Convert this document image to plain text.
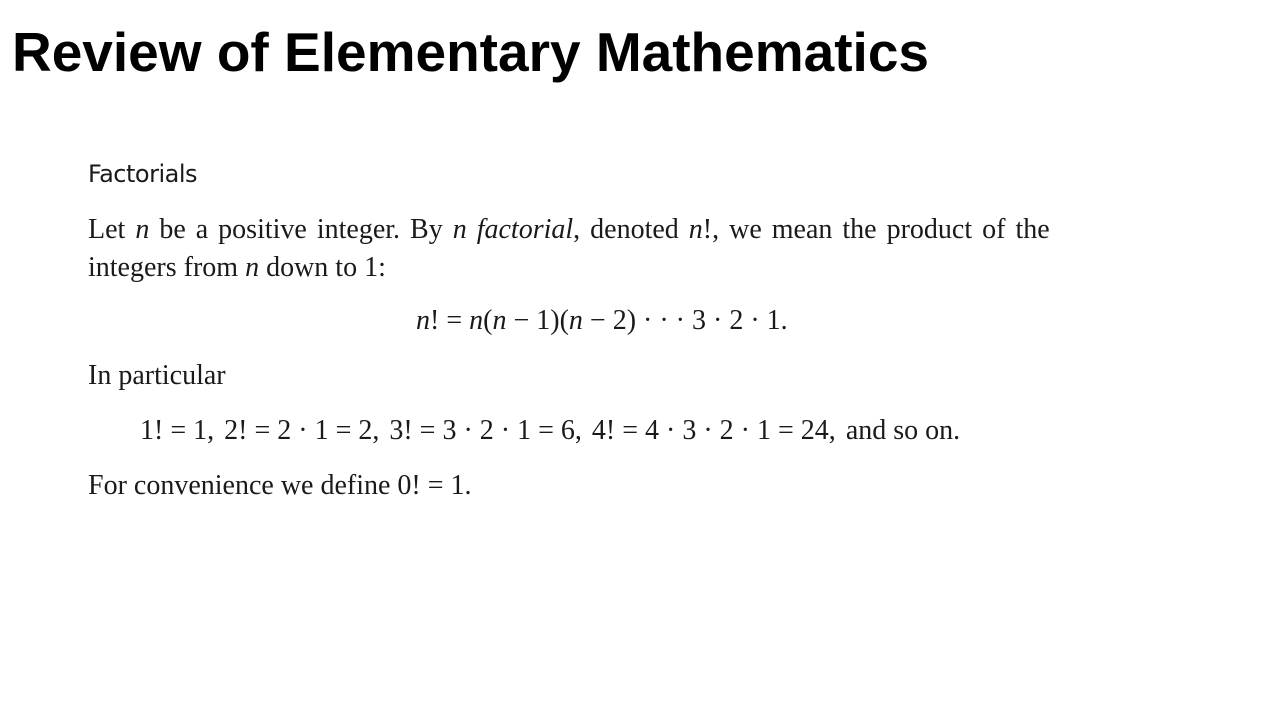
Review of Elementary Mathematics
Factorials

Let n be a positive integer. By n factorial, denoted n!, we mean the product of the

integers from n down to 1:

n! = n(n − 1)(n − 2) · · · 3 · 2 · 1.

In particular

1! = 1, 2! = 2 · 1 = 2, 3! = 3 · 2 · 1 = 6, 4! = 4 · 3 · 2 · 1 = 24, and so on.

For convenience we define 0! = 1.
